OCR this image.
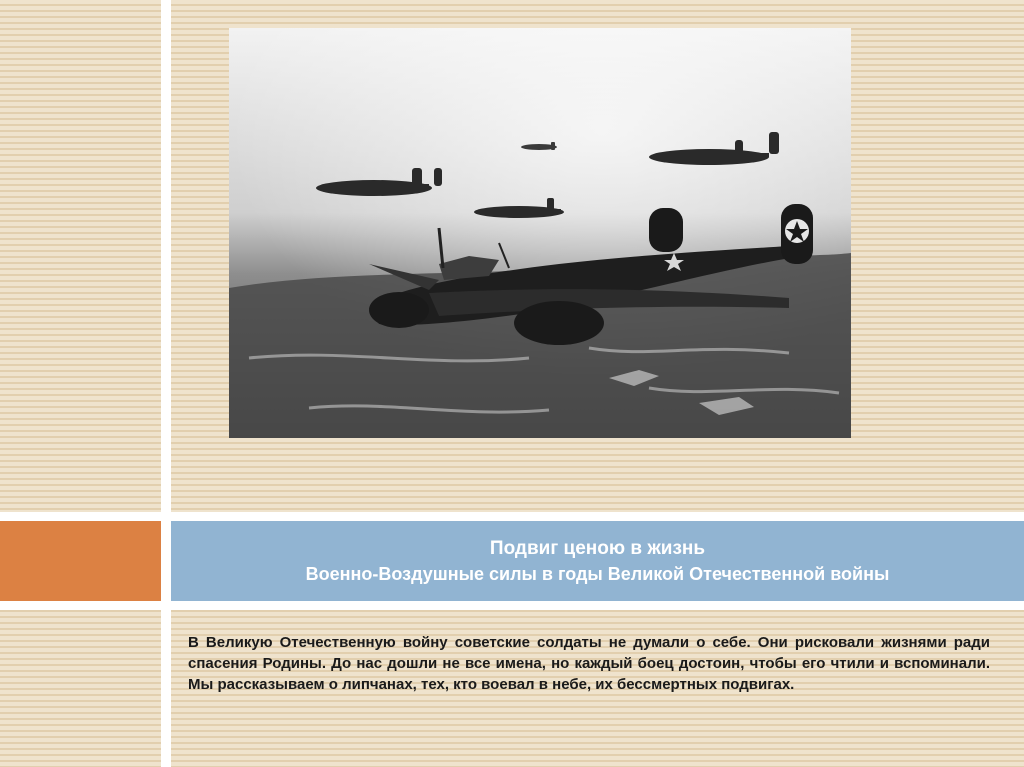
Подвиг ценою в жизнь
Военно-Воздушные силы в годы Великой Отечественной войны

В Великую Отечественную войну советские солдаты не думали о себе. Они рисковали жизнями ради спасения Родины. До нас дошли не все имена, но каждый боец достоин, чтобы его чтили и вспоминали. Мы рассказываем о липчанах, тех, кто воевал в небе, их бессмертных подвигах.
